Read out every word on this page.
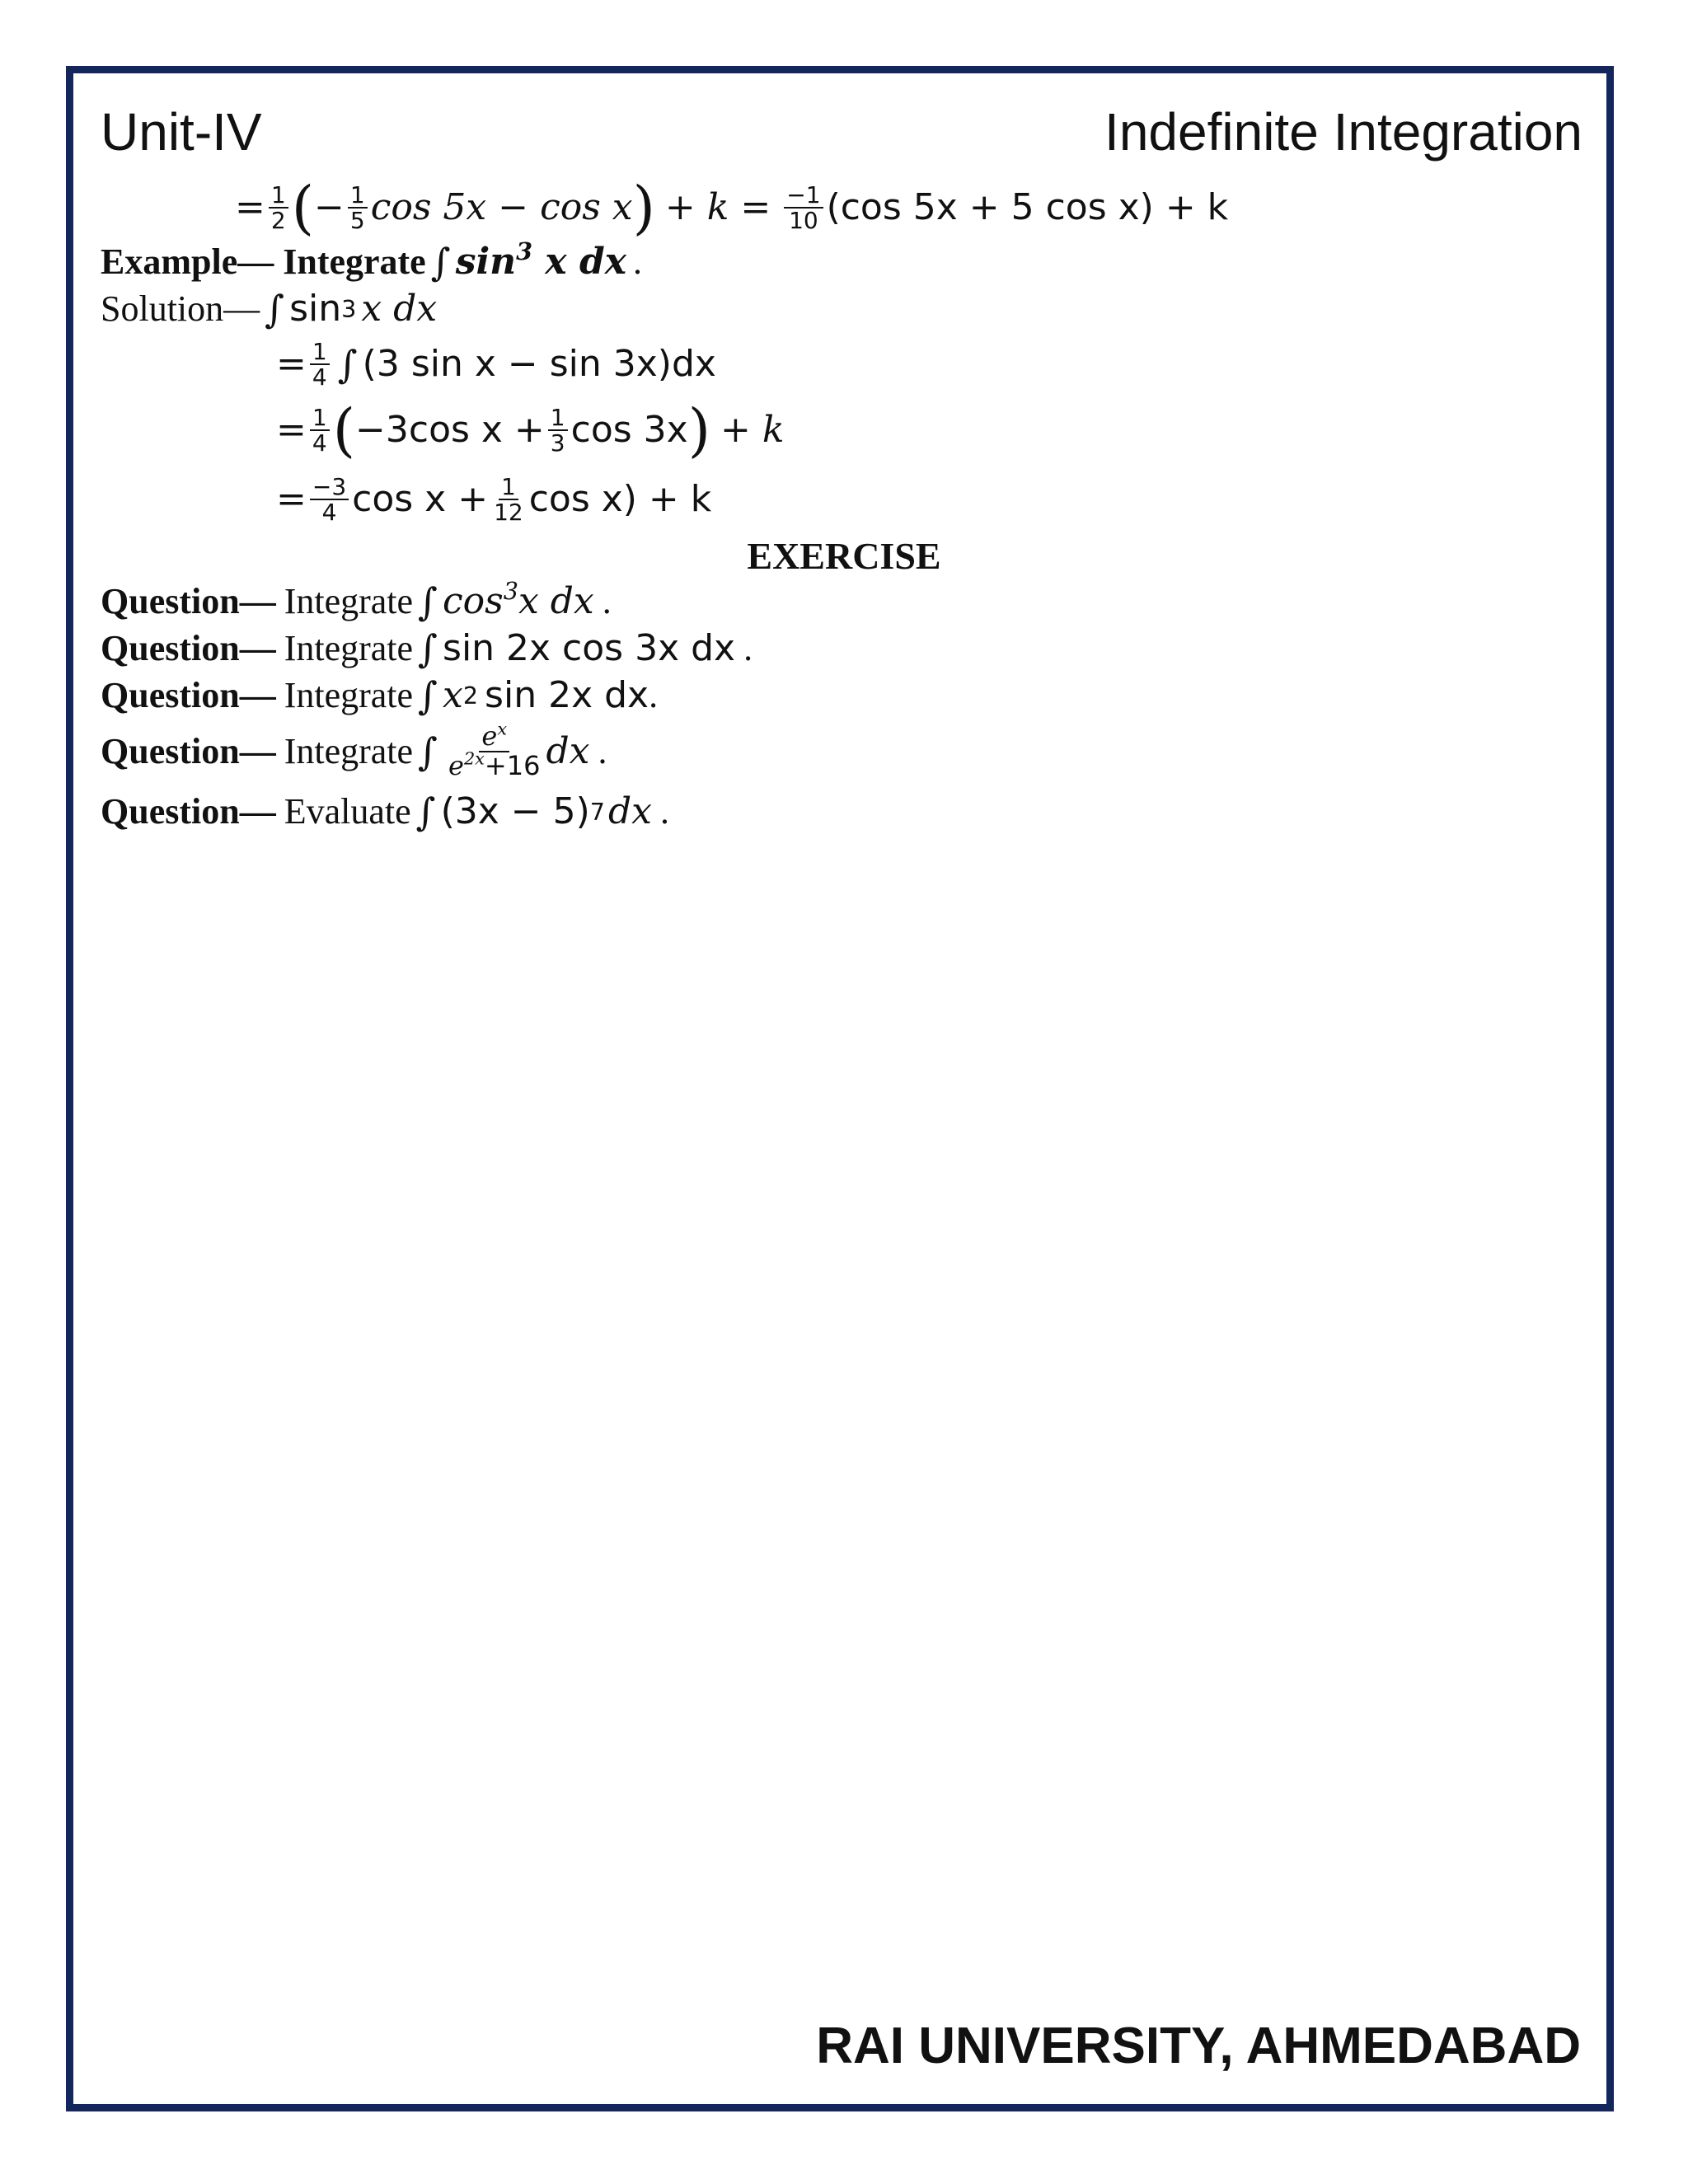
Unit-IV	Indefinite Integration
= $\frac{1}{2}$ ( − $\frac{1}{5}$ cos 5x − cos x ) + $k = \frac{-1}{10} (\cos$ 5x + 5 cos x) + k
Example— Integrate ∫ $\sin^3 x$ dx .
Solution— ∫ sin 3 x dx
= $\frac{1}{4}$ ∫ (3 sin x − sin 3x)dx
= $\frac{1}{4}$ ( −3cos $x + \frac{1}{3}$ cos 3x ) + k
= $\frac{-3}{4}$ $\cos x + \frac{1}{12}$ cos x) + k
EXERCISE
Question— Integrate ∫ $\cos^3x$ dx .
Question— Integrate ∫ sin 2x cos 3x dx .
Question— Integrate ∫ x 2 sin 2x dx .
Question— Integrate ∫ $\frac{e^x}{e^{2x}+16}$ dx .
Question— Evaluate ∫ (3x − 5) 7 dx .
RAI UNIVERSITY, AHMEDABAD
